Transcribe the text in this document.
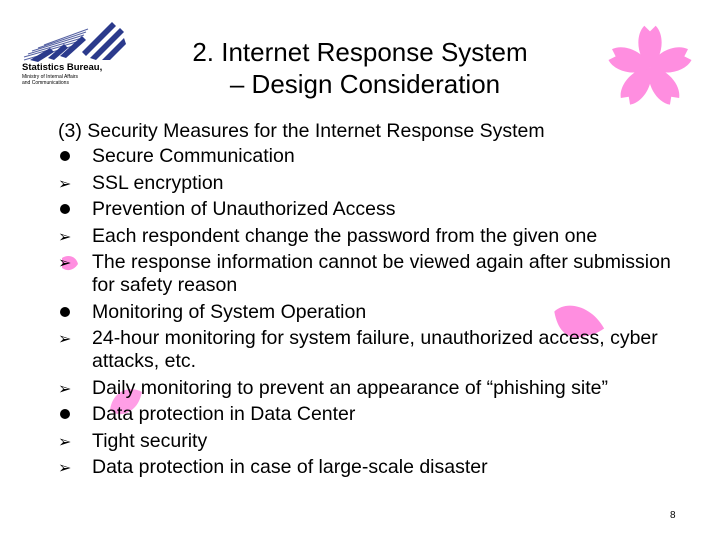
Statistics Bureau,
Ministry of Internal Affairs
and Communications
2. Internet Response System
– Design Consideration
(3) Security Measures for the Internet Response System
Secure Communication
➢	SSL encryption
Prevention of Unauthorized Access
➢	Each respondent change the password from the given one
➢	The response information cannot be viewed again after submission for safety reason
Monitoring of System Operation
➢	24-hour monitoring for system failure, unauthorized access, cyber attacks, etc.
➢	Daily monitoring to prevent an appearance of “phishing site”
Data protection in Data Center
➢	Tight security
➢	Data protection in case of large-scale disaster
8
